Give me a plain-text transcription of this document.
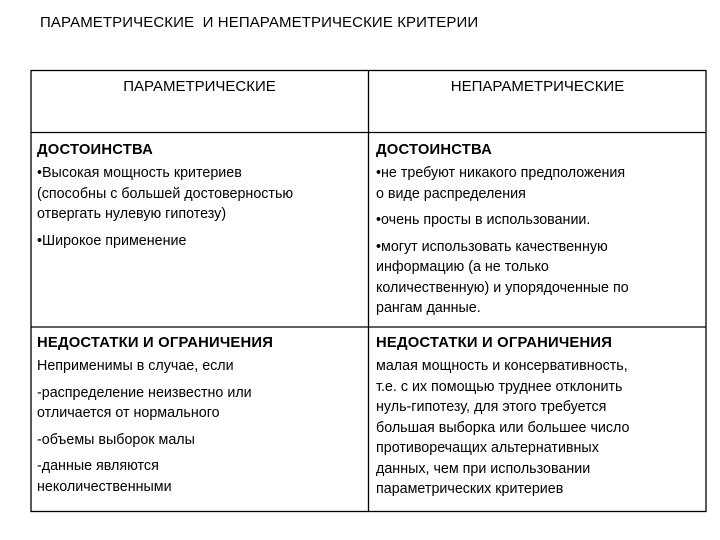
ПАРАМЕТРИЧЕСКИЕ  И НЕПАРАМЕТРИЧЕСКИЕ КРИТЕРИИ
ПАРАМЕТРИЧЕСКИЕ	НЕПАРАМЕТРИЧЕСКИЕ
ДОСТОИНСТВА
•Высокая мощность критериев
(способны с большей достоверностью
отвергать нулевую гипотезу)
•Широкое применение
ДОСТОИНСТВА
•не требуют никакого предположения
о виде распределения
•очень просты в использовании.
•могут использовать качественную
информацию (а не только
количественную) и упорядоченные по
рангам данные.
НЕДОСТАТКИ И ОГРАНИЧЕНИЯ
Неприменимы в случае, если
-распределение неизвестно или
отличается от нормального
-объемы выборок малы
-данные являются
неколичественными
НЕДОСТАТКИ И ОГРАНИЧЕНИЯ
малая мощность и консервативность,
т.е. с их помощью труднее отклонить
нуль-гипотезу, для этого требуется
большая выборка или большее число
противоречащих альтернативных
данных, чем при использовании
параметрических критериев
